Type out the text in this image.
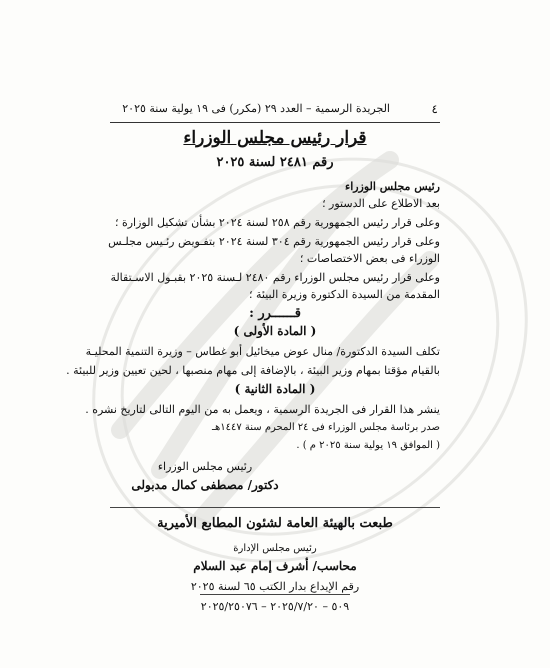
٤
الجريدة الرسمية – العدد ٢٩ (مكرر) فى ١٩ يولية سنة ٢٠٢٥
قرار رئيس مجلس الوزراء
رقم ٢٤٨١ لسنة ٢٠٢٥
رئيس مجلس الوزراء
بعد الاطلاع على الدستور ؛
وعلى قرار رئيس الجمهورية رقم ٢٥٨ لسنة ٢٠٢٤ بشأن تشكيل الوزارة ؛
وعلى قرار رئيس الجمهورية رقم ٣٠٤ لسنة ٢٠٢٤ بتفـويض رئـيس مجلـس
الوزراء فى بعض الاختصاصات ؛
وعلى قرار رئيس مجلس الوزراء رقم ٢٤٨٠ لـسنة ٢٠٢٥ بقبـول الاسـتقالة
المقدمة من السيدة الدكتورة وزيرة البيئة ؛
قــــــرر :
( المادة الأولى )
تكلف السيدة الدكتورة/ منال عوض ميخائيل أبو غطاس – وزيرة التنمية المحليـة
بالقيام مؤقتا بمهام وزير البيئة ، بالإضافة إلى مهام منصبها ، لحين تعيين وزير للبيئة .
( المادة الثانية )
ينشر هذا القرار فى الجريدة الرسمية ، ويعمل به من اليوم التالى لتاريخ نشره .
صدر برئاسة مجلس الوزراء فى ٢٤ المحرم سنة ١٤٤٧هـ
( الموافق ١٩ يولية سنة ٢٠٢٥ م ) .
رئيس مجلس الوزراء
دكتور/ مصطفى كمال مدبولى
طبعت بالهيئة العامة لشئون المطابع الأميرية
رئيس مجلس الإدارة
محاسب/ أشرف إمام عبد السلام
رقم الإيداع بدار الكتب ٦٥ لسنة ٢٠٢٥
٥٠٩ – ٢٠٢٥/٧/٢٠ – ٢٠٢٥/٢٥٠٧٦
